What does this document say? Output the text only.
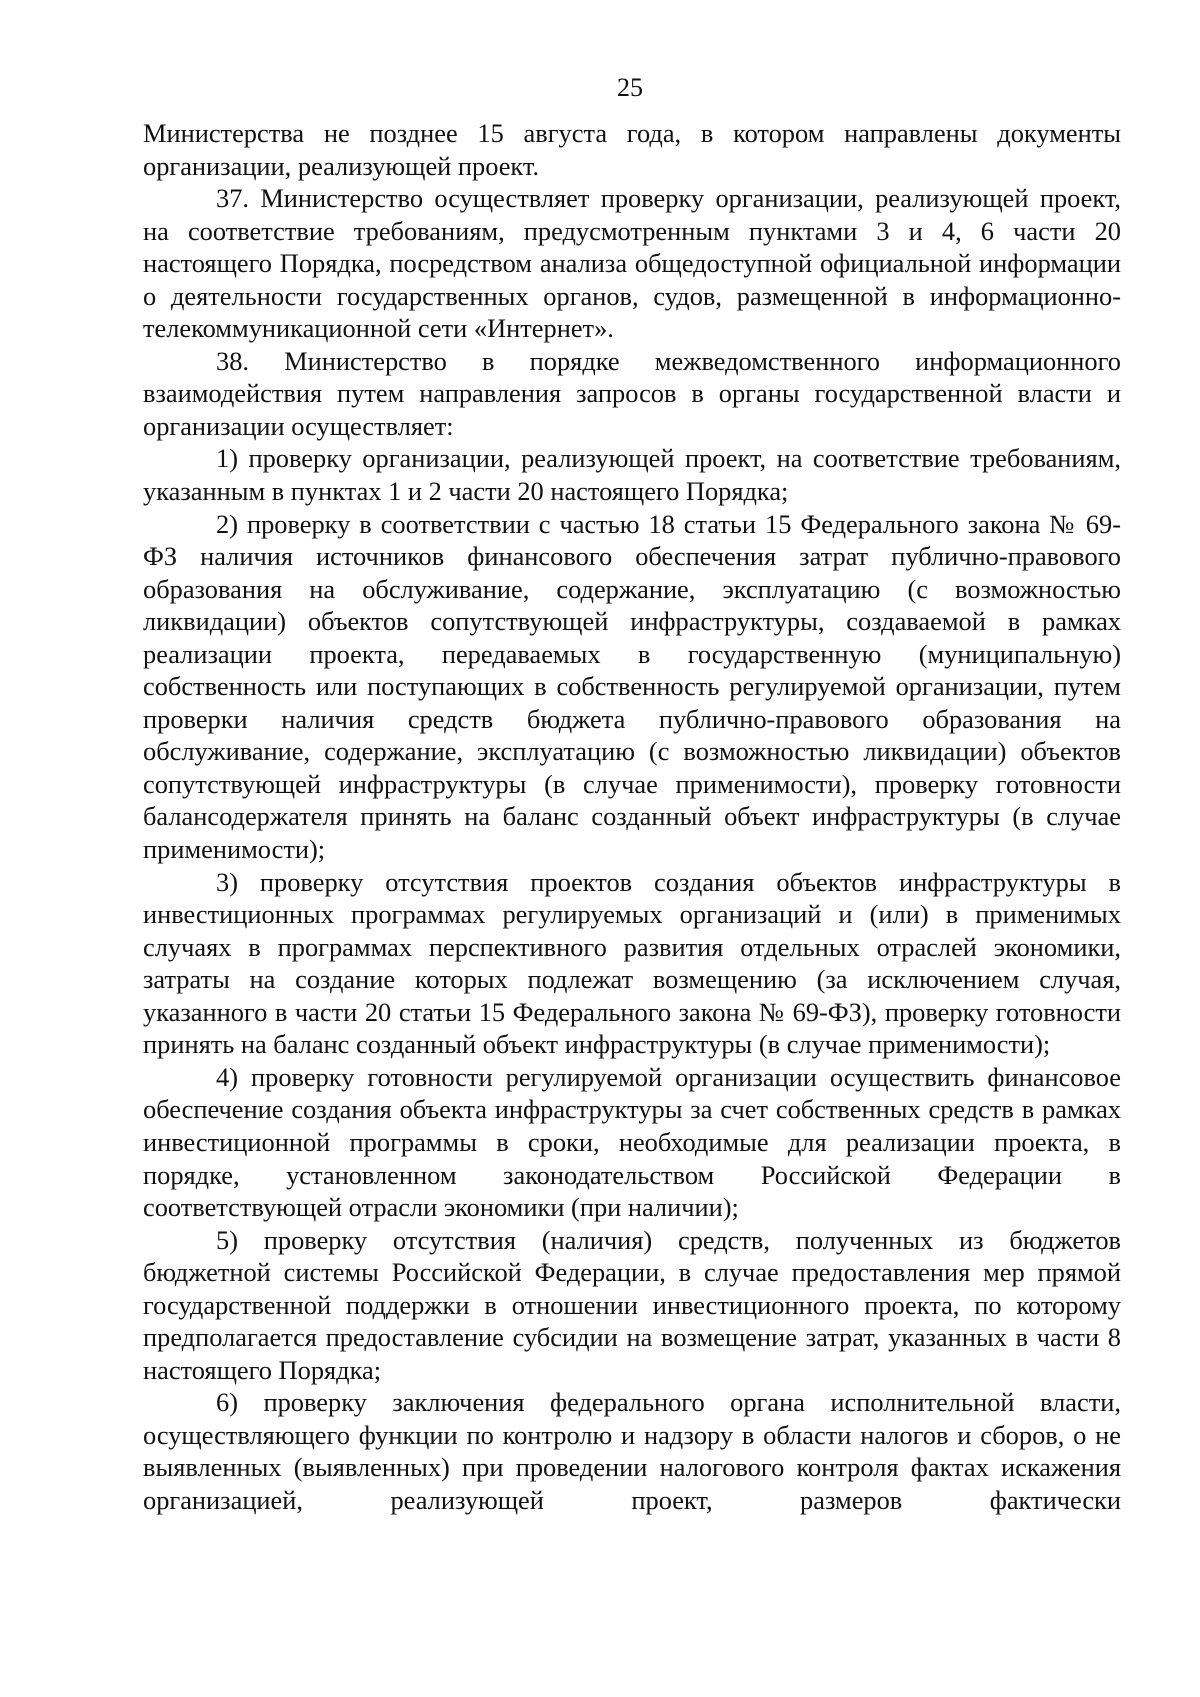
25

Министерства не позднее 15 августа года, в котором направлены документы организации, реализующей проект.

37. Министерство осуществляет проверку организации, реализующей проект, на соответствие требованиям, предусмотренным пунктами 3 и 4, 6 части 20 настоящего Порядка, посредством анализа общедоступной официальной информации о деятельности государственных органов, судов, размещенной в информационно-телекоммуникационной сети «Интернет».

38. Министерство в порядке межведомственного информационного взаимодействия путем направления запросов в органы государственной власти и организации осуществляет:

1) проверку организации, реализующей проект, на соответствие требованиям, указанным в пунктах 1 и 2 части 20 настоящего Порядка;

2) проверку в соответствии с частью 18 статьи 15 Федерального закона № 69-ФЗ наличия источников финансового обеспечения затрат публично-правового образования на обслуживание, содержание, эксплуатацию (с возможностью ликвидации) объектов сопутствующей инфраструктуры, создаваемой в рамках реализации проекта, передаваемых в государственную (муниципальную) собственность или поступающих в собственность регулируемой организации, путем проверки наличия средств бюджета публично-правового образования на обслуживание, содержание, эксплуатацию (с возможностью ликвидации) объектов сопутствующей инфраструктуры (в случае применимости), проверку готовности балансодержателя принять на баланс созданный объект инфраструктуры (в случае применимости);

3) проверку отсутствия проектов создания объектов инфраструктуры в инвестиционных программах регулируемых организаций и (или) в применимых случаях в программах перспективного развития отдельных отраслей экономики, затраты на создание которых подлежат возмещению (за исключением случая, указанного в части 20 статьи 15 Федерального закона № 69-ФЗ), проверку готовности принять на баланс созданный объект инфраструктуры (в случае применимости);

4) проверку готовности регулируемой организации осуществить финансовое обеспечение создания объекта инфраструктуры за счет собственных средств в рамках инвестиционной программы в сроки, необходимые для реализации проекта, в порядке, установленном законодательством Российской Федерации в соответствующей отрасли экономики (при наличии);

5) проверку отсутствия (наличия) средств, полученных из бюджетов бюджетной системы Российской Федерации, в случае предоставления мер прямой государственной поддержки в отношении инвестиционного проекта, по которому предполагается предоставление субсидии на возмещение затрат, указанных в части 8 настоящего Порядка;

6) проверку заключения федерального органа исполнительной власти, осуществляющего функции по контролю и надзору в области налогов и сборов, о не выявленных (выявленных) при проведении налогового контроля фактах искажения организацией, реализующей проект, размеров фактически
